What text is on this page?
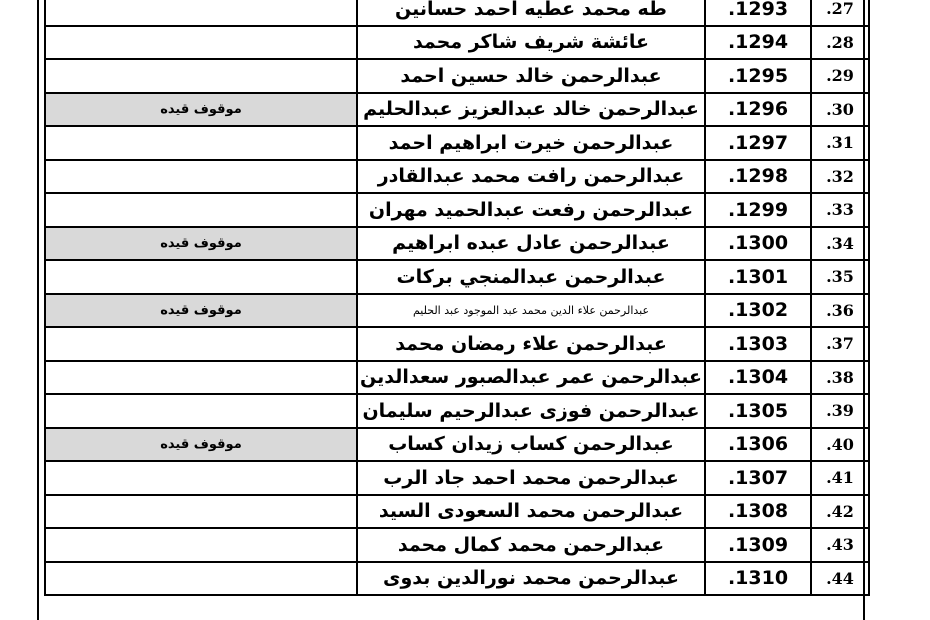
	طه محمد عطيه احمد حسانين	.1293	.27
	عائشة شريف شاكر محمد	.1294	.28
	عبدالرحمن خالد حسين احمد	.1295	.29
موقوف قيده	عبدالرحمن خالد عبدالعزيز عبدالحليم	.1296	.30
	عبدالرحمن خيرت ابراهيم احمد	.1297	.31
	عبدالرحمن رافت محمد عبدالقادر	.1298	.32
	عبدالرحمن رفعت عبدالحميد مهران	.1299	.33
موقوف قيده	عبدالرحمن عادل عبده ابراهيم	.1300	.34
	عبدالرحمن عبدالمنجي بركات	.1301	.35
موقوف قيده	عبدالرحمن علاء الدين محمد عبد الموجود عبد الحليم	.1302	.36
	عبدالرحمن علاء رمضان محمد	.1303	.37
	عبدالرحمن عمر عبدالصبور سعدالدين	.1304	.38
	عبدالرحمن فوزى عبدالرحيم سليمان	.1305	.39
موقوف قيده	عبدالرحمن كساب زيدان كساب	.1306	.40
	عبدالرحمن محمد احمد جاد الرب	.1307	.41
	عبدالرحمن محمد السعودى السيد	.1308	.42
	عبدالرحمن محمد كمال محمد	.1309	.43
	عبدالرحمن محمد نورالدين بدوى	.1310	.44
